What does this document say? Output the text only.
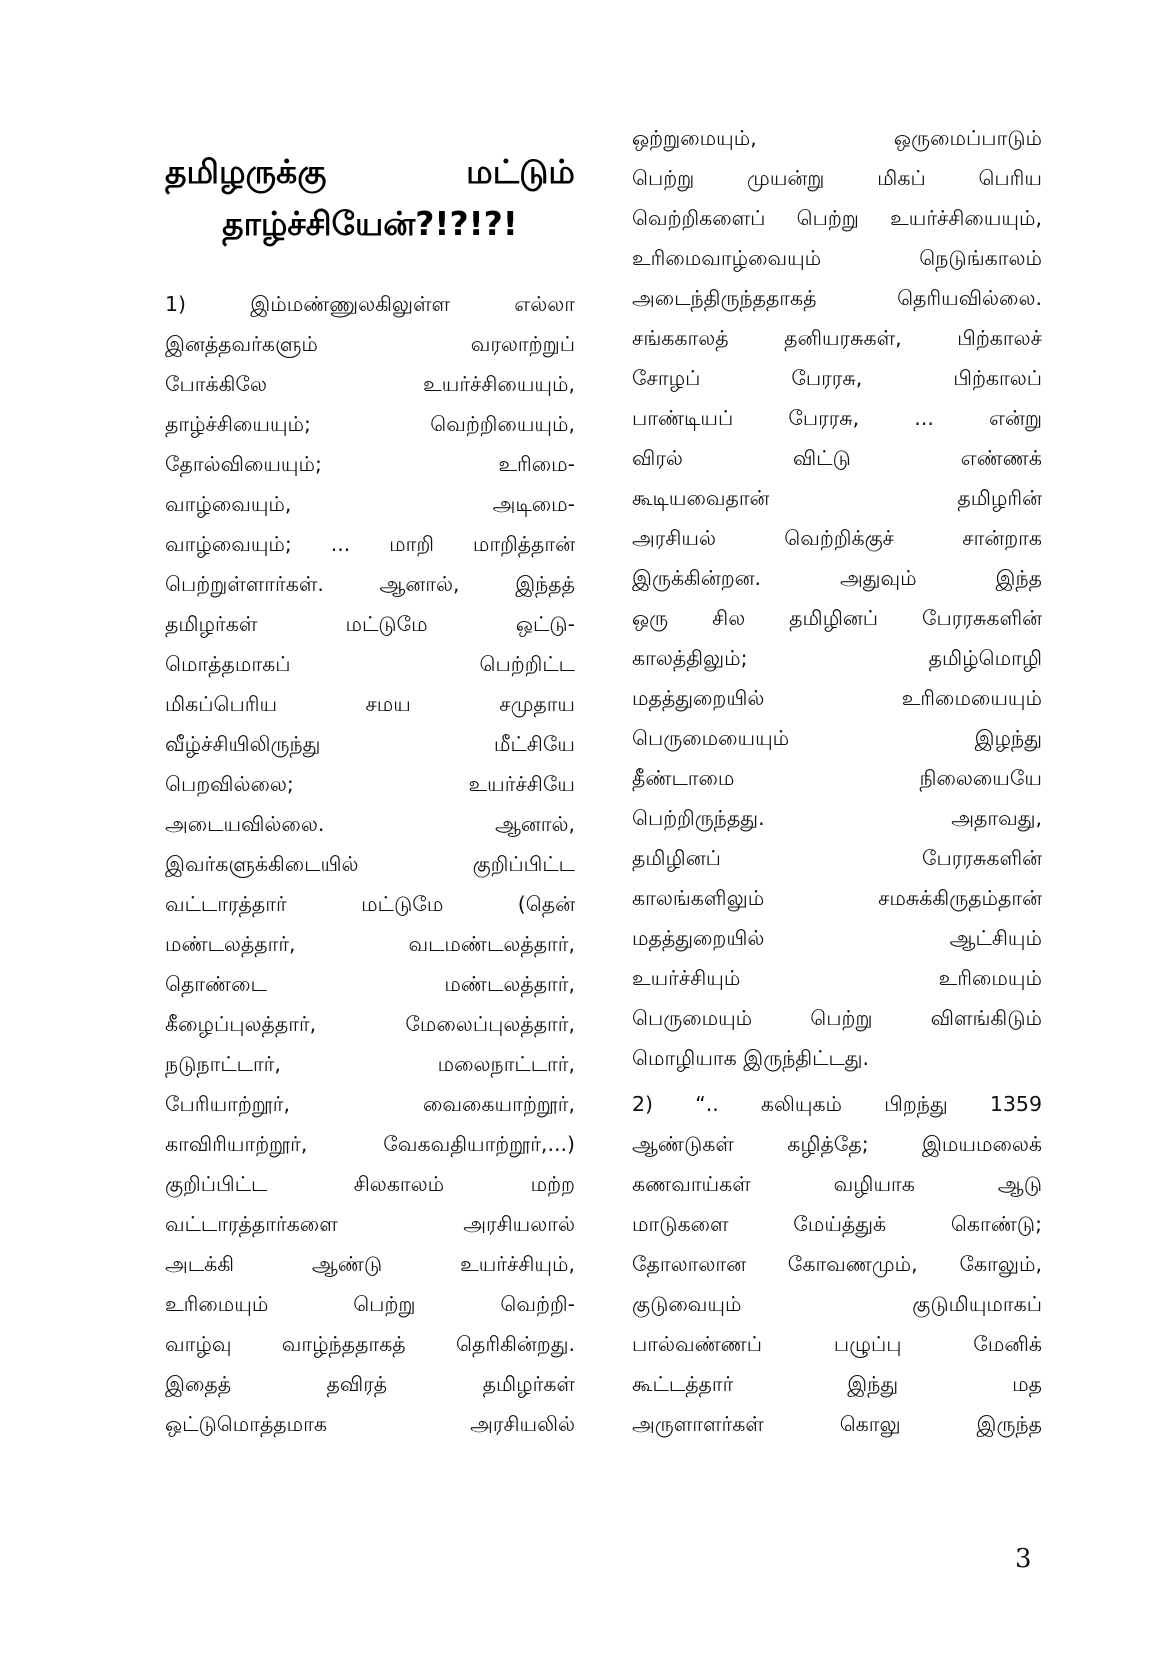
தமிழருக்கு	மட்டும்
தாழ்ச்சியேன்?!?!?!
1) இம்மண்ணுலகிலுள்ள எல்லா
இனத்தவர்களும் வரலாற்றுப்
போக்கிலே உயர்ச்சியையும்,
தாழ்ச்சியையும்; வெற்றியையும்,
தோல்வியையும்; உரிமை-
வாழ்வையும், அடிமை-
வாழ்வையும்; ... மாறி மாறித்தான்
பெற்றுள்ளார்கள். ஆனால், இந்தத்
தமிழர்கள் மட்டுமே ஒட்டு-
மொத்தமாகப் பெற்றிட்ட
மிகப்பெரிய சமய சமுதாய
வீழ்ச்சியிலிருந்து மீட்சியே
பெறவில்லை; உயர்ச்சியே
அடையவில்லை. ஆனால்,
இவர்களுக்கிடையில் குறிப்பிட்ட
வட்டாரத்தார் மட்டுமே (தென்
மண்டலத்தார், வடமண்டலத்தார்,
தொண்டை மண்டலத்தார்,
கீழைப்புலத்தார், மேலைப்புலத்தார்,
நடுநாட்டார், மலைநாட்டார்,
பேரியாற்றூர், வைகையாற்றூர்,
காவிரியாற்றூர், வேகவதியாற்றூர்,...)
குறிப்பிட்ட சிலகாலம் மற்ற
வட்டாரத்தார்களை அரசியலால்
அடக்கி ஆண்டு உயர்ச்சியும்,
உரிமையும் பெற்று வெற்றி-
வாழ்வு வாழ்ந்ததாகத் தெரிகின்றது.
இதைத் தவிரத் தமிழர்கள்
ஒட்டுமொத்தமாக அரசியலில்
ஒற்றுமையும், ஒருமைப்பாடும்
பெற்று முயன்று மிகப் பெரிய
வெற்றிகளைப் பெற்று உயர்ச்சியையும்,
உரிமைவாழ்வையும் நெடுங்காலம்
அடைந்திருந்ததாகத் தெரியவில்லை.
சங்ககாலத் தனியரசுகள், பிற்காலச்
சோழப் பேரரசு, பிற்காலப்
பாண்டியப் பேரரசு, ... என்று
விரல் விட்டு எண்ணக்
கூடியவைதான் தமிழரின்
அரசியல் வெற்றிக்குச் சான்றாக
இருக்கின்றன. அதுவும் இந்த
ஒரு சில தமிழினப் பேரரசுகளின்
காலத்திலும்; தமிழ்மொழி
மதத்துறையில் உரிமையையும்
பெருமையையும் இழந்து
தீண்டாமை நிலையையே
பெற்றிருந்தது. அதாவது,
தமிழினப் பேரரசுகளின்
காலங்களிலும் சமசுக்கிருதம்தான்
மதத்துறையில் ஆட்சியும்
உயர்ச்சியும் உரிமையும்
பெருமையும் பெற்று விளங்கிடும்
மொழியாக இருந்திட்டது.
2) “.. கலியுகம் பிறந்து 1359
ஆண்டுகள் கழித்தே; இமயமலைக்
கணவாய்கள் வழியாக ஆடு
மாடுகளை மேய்த்துக் கொண்டு;
தோலாலான கோவணமும், கோலும்,
குடுவையும் குடுமியுமாகப்
பால்வண்ணப் பழுப்பு மேனிக்
கூட்டத்தார் இந்து மத
அருளாளர்கள் கொலு இருந்த
3
